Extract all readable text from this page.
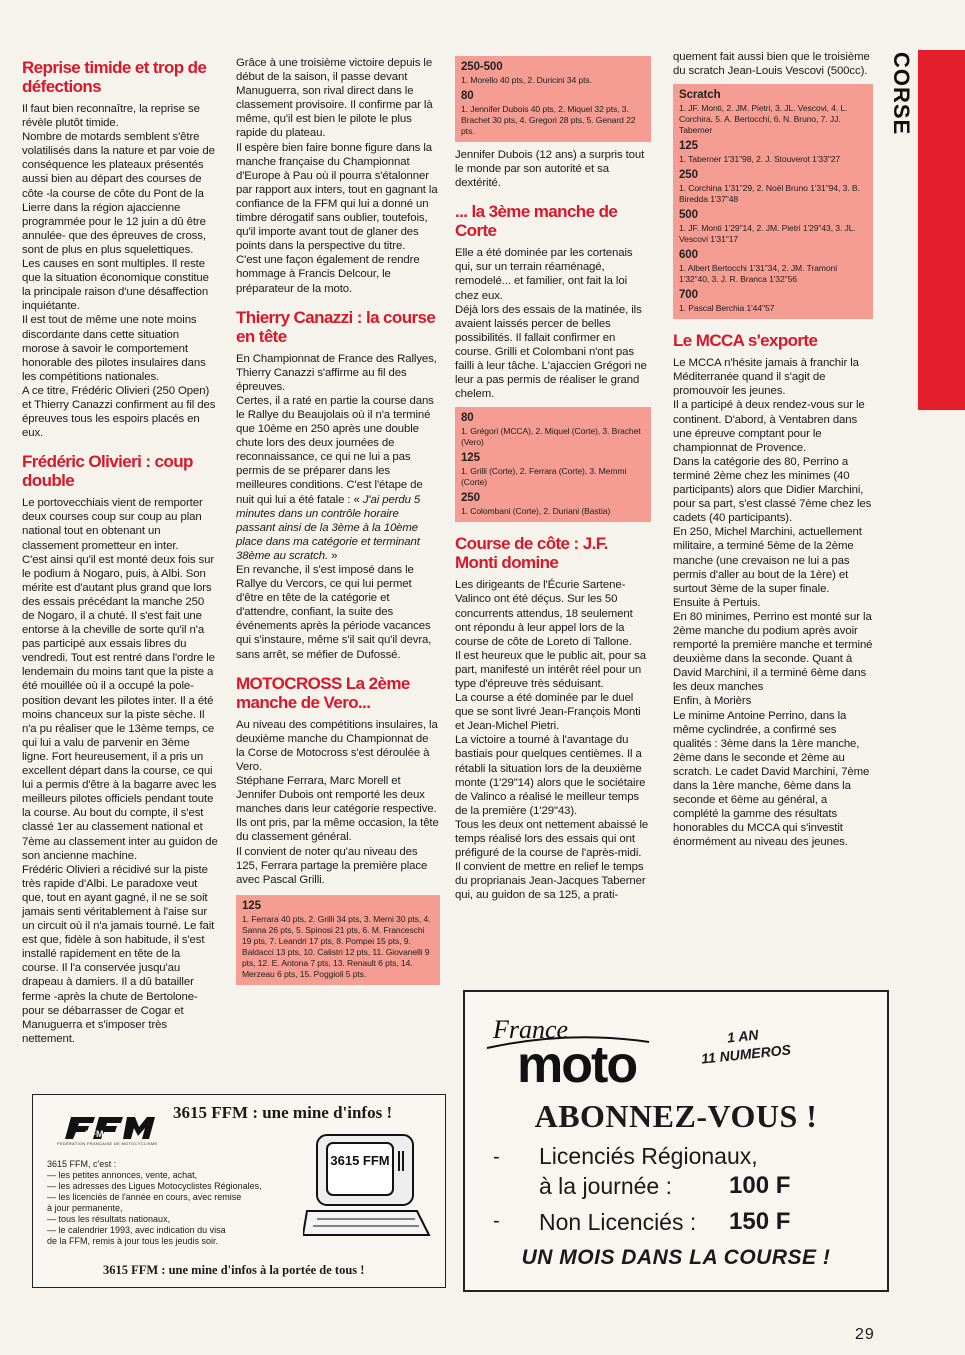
CORSE
Reprise timide et trop de défections

Il faut bien reconnaître, la reprise se révèle plutôt timide.

Nombre de motards semblent s'être volatilisés dans la nature et par voie de conséquence les plateaux présentés aussi bien au départ des courses de côte -la course de côte du Pont de la Lierre dans la région ajaccienne programmée pour le 12 juin a dû être annulée- que des épreuves de cross, sont de plus en plus squelettiques.

Les causes en sont multiples. Il reste que la situation économique constitue la principale raison d'une désaffection inquiétante.

Il est tout de même une note moins discordante dans cette situation morose à savoir le comportement honorable des pilotes insulaires dans les compétitions nationales.

A ce titre, Frédéric Olivieri (250 Open) et Thierry Canazzi confirment au fil des épreuves tous les espoirs placés en eux.

Frédéric Olivieri : coup double

Le portovecchiais vient de remporter deux courses coup sur coup au plan national tout en obtenant un classement prometteur en inter.

C'est ainsi qu'il est monté deux fois sur le podium à Nogaro, puis, à Albi. Son mérite est d'autant plus grand que lors des essais précédant la manche 250 de Nogaro, il a chuté. Il s'est fait une entorse à la cheville de sorte qu'il n'a pas participé aux essais libres du vendredi. Tout est rentré dans l'ordre le lendemain du moins tant que la piste a été mouillée où il a occupé la pole-position devant les pilotes inter. Il a été moins chanceux sur la piste sèche. Il n'a pu réaliser que le 13ème temps, ce qui lui a valu de parvenir en 3ème ligne. Fort heureusement, il a pris un excellent départ dans la course, ce qui lui a permis d'être à la bagarre avec les meilleurs pilotes officiels pendant toute la course. Au bout du compte, il s'est classé 1er au classement national et 7ème au classement inter au guidon de son ancienne machine.

Frédéric Olivieri a récidivé sur la piste très rapide d'Albi. Le paradoxe veut que, tout en ayant gagné, il ne se soit jamais senti véritablement à l'aise sur un circuit où il n'a jamais tourné. Le fait est que, fidèle à son habitude, il s'est installé rapidement en tête de la course. Il l'a conservée jusqu'au drapeau à damiers. Il a dû batailler ferme -après la chute de Bertolone- pour se débarrasser de Cogar et Manuguerra et s'imposer très nettement.

Grâce à une troisième victoire depuis le début de la saison, il passe devant Manuguerra, son rival direct dans le classement provisoire. Il confirme par là même, qu'il est bien le pilote le plus rapide du plateau.

Il espère bien faire bonne figure dans la manche française du Championnat d'Europe à Pau où il pourra s'étalonner par rapport aux inters, tout en gagnant la confiance de la FFM qui lui a donné un timbre dérogatif sans oublier, toutefois, qu'il importe avant tout de glaner des points dans la perspective du titre.

C'est une façon également de rendre hommage à Francis Delcour, le préparateur de la moto.

Thierry Canazzi : la course en tête

En Championnat de France des Rallyes, Thierry Canazzi s'affirme au fil des épreuves.

Certes, il a raté en partie la course dans le Rallye du Beaujolais où il n'a terminé que 10ème en 250 après une double chute lors des deux journées de reconnaissance, ce qui ne lui a pas permis de se préparer dans les meilleures conditions. C'est l'étape de nuit qui lui a été fatale : « J'ai perdu 5 minutes dans un contrôle horaire passant ainsi de la 3ème à la 10ème place dans ma catégorie et terminant 38ème au scratch. »

En revanche, il s'est imposé dans le Rallye du Vercors, ce qui lui permet d'être en tête de la catégorie et d'attendre, confiant, la suite des événements après la période vacances qui s'instaure, même s'il sait qu'il devra, sans arrêt, se méfier de Dufossé.

MOTOCROSS La 2ème manche de Vero...

Au niveau des compétitions insulaires, la deuxième manche du Championnat de la Corse de Motocross s'est déroulée à Vero.

Stéphane Ferrara, Marc Morell et Jennifer Dubois ont remporté les deux manches dans leur catégorie respective.

Ils ont pris, par la même occasion, la tête du classement général.

Il convient de noter qu'au niveau des 125, Ferrara partage la première place avec Pascal Grilli.

125
1. Ferrara 40 pts, 2. Grilli 34 pts, 3. Memi 30 pts, 4. Sanna 26 pts, 5. Spinosi 21 pts, 6. M. Franceschi 19 pts, 7. Leandri 17 pts, 8. Pompei 15 pts, 9. Baldacci 13 pts, 10. Calistri 12 pts, 11. Giovanelli 9 pts, 12. E. Antona 7 pts, 13. Renault 6 pts, 14. Merzeau 6 pts, 15. Poggioli 5 pts.
250-500
1. Morello 40 pts, 2. Duricini 34 pts.
80
1. Jennifer Dubois 40 pts, 2. Miquel 32 pts, 3. Brachet 30 pts, 4. Gregori 28 pts, 5. Genard 22 pts.

Jennifer Dubois (12 ans) a surpris tout le monde par son autorité et sa dextérité.

... la 3ème manche de Corte

Elle a été dominée par les cortenais qui, sur un terrain réaménagé, remodelé... et familier, ont fait la loi chez eux.

Déjà lors des essais de la matinée, ils avaient laissés percer de belles possibilités. Il fallait confirmer en course. Grilli et Colombani n'ont pas failli à leur tâche. L'ajaccien Grégori ne leur a pas permis de réaliser le grand chelem.

80
1. Grégori (MCCA), 2. Miquel (Corte), 3. Brachet (Vero)
125
1. Grilli (Corte), 2. Ferrara (Corte), 3. Memmi (Corte)
250
1. Colombani (Corte), 2. Duriani (Bastia)
Course de côte : J.F. Monti domine

Les dirigeants de l'Écurie Sartene-Valinco ont été déçus. Sur les 50 concurrents attendus, 18 seulement ont répondu à leur appel lors de la course de côte de Loreto di Tallone.

Il est heureux que le public ait, pour sa part, manifesté un intérêt réel pour un type d'épreuve très séduisant.

La course a été dominée par le duel que se sont livré Jean-François Monti et Jean-Michel Pietri.

La victoire a tourné à l'avantage du bastiais pour quelques centièmes. Il a rétabli la situation lors de la deuxième monte (1'29"14) alors que le sociétaire de Valinco a réalisé le meilleur temps de la première (1'29"43).

Tous les deux ont nettement abaissé le temps réalisé lors des essais qui ont préfiguré de la course de l'après-midi.

Il convient de mettre en relief le temps du proprianais Jean-Jacques Taberner qui, au guidon de sa 125, a prati-

quement fait aussi bien que le troisième du scratch Jean-Louis Vescovi (500cc).

Scratch
1. JF. Monti, 2. JM. Pietri, 3. JL. Vescovi, 4. L. Corchira, 5. A. Bertocchi, 6. N. Bruno, 7. JJ. Taberner
125
1. Taberner 1'31"98, 2. J. Stouverot 1'33"27
250
1. Corchina 1'31"29, 2. Noël Bruno 1'31"94, 3. B. Biredda 1'37"48
500
1. JF. Monti 1'29"14, 2. JM. Pietri 1'29"43, 3. JL. Vescovi 1'31"17
600
1. Albert Bertocchi 1'31"34, 2. JM. Tramoni 1'32"40, 3. J. R. Branca 1'32"56
700
1. Pascal Berchia 1'44"57
Le MCCA s'exporte

Le MCCA n'hésite jamais à franchir la Méditerranée quand il s'agit de promouvoir les jeunes.

Il a participé à deux rendez-vous sur le continent. D'abord, à Ventabren dans une épreuve comptant pour le championnat de Provence.

Dans la catégorie des 80, Perrino a terminé 2ème chez les minimes (40 participants) alors que Didier Marchini, pour sa part, s'est classé 7ème chez les cadets (40 participants).

En 250, Michel Marchini, actuellement militaire, a terminé 5ème de la 2ème manche (une crevaison ne lui a pas permis d'aller au bout de la 1ère) et surtout 3ème de la super finale.

Ensuite à Pertuis.

En 80 minimes, Perrino est monté sur la 2ème manche du podium après avoir remporté la première manche et terminé deuxième dans la seconde. Quant à David Marchini, il a terminé 6ème dans les deux manches

Enfin, à Morièrs

Le minime Antoine Perrino, dans la même cyclindrée, a confirmé ses qualités : 3ème dans la 1ère manche, 2ème dans le seconde et 2ème au scratch. Le cadet David Marchini, 7ème dans la 1ère manche, 6ème dans la seconde et 6ème au général, a complété la gamme des résultats honorables du MCCA qui s'investit énormément au niveau des jeunes.

FFM
FÉDÉRATION FRANÇAISE DE MOTOCYCLISME
3615 FFM : une mine d'infos !
3615 FFM
3615 FFM, c'est :
— les petites annonces, vente, achat,
— les adresses des Ligues Motocyclistes Régionales,
— les licenciés de l'année en cours, avec remise
à jour permanente,
— tous les résultats nationaux,
— le calendrier 1993, avec indication du visa
de la FFM, remis à jour tous les jeudis soir.
3615 FFM : une mine d'infos à la portée de tous !
France
moto	1 AN
11 NUMEROS
ABONNEZ-VOUS !
- Licenciés Régionaux,
à la journée : 100 F
- Non Licenciés : 150 F
UN MOIS DANS LA COURSE !
29
